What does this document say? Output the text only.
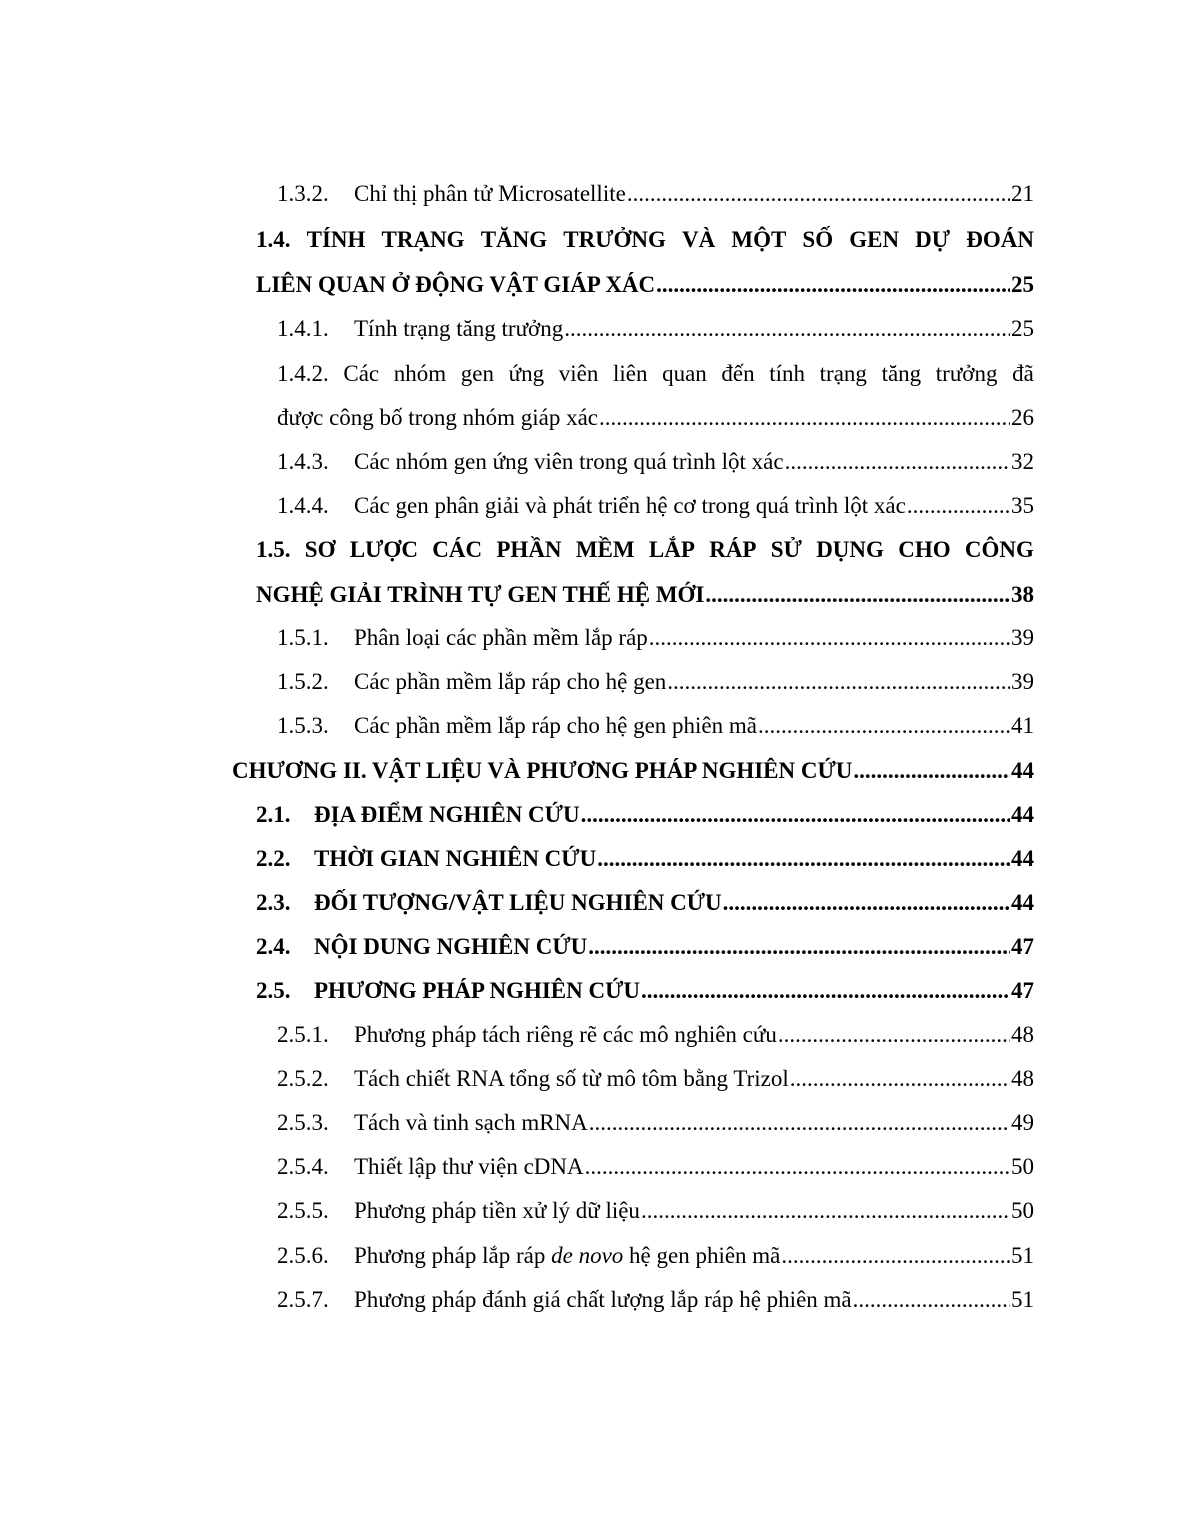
1.3.2.	Chỉ thị phân tử Microsatellite .....	21
1.4. TÍNH TRẠNG TĂNG TRƯỞNG VÀ MỘT SỐ GEN DỰ ĐOÁN
LIÊN QUAN Ở ĐỘNG VẬT GIÁP XÁC .....	25
1.4.1.	Tính trạng tăng trưởng .....	25
1.4.2. Các nhóm gen ứng viên liên quan đến tính trạng tăng trưởng đã
được công bố trong nhóm giáp xác .....	26
1.4.3.	Các nhóm gen ứng viên trong quá trình lột xác .....	32
1.4.4.	Các gen phân giải và phát triển hệ cơ trong quá trình lột xác .....	35
1.5. SƠ LƯỢC CÁC PHẦN MỀM LẮP RÁP SỬ DỤNG CHO CÔNG
NGHỆ GIẢI TRÌNH TỰ GEN THẾ HỆ MỚI .....	38
1.5.1.	Phân loại các phần mềm lắp ráp .....	39
1.5.2.	Các phần mềm lắp ráp cho hệ gen .....	39
1.5.3.	Các phần mềm lắp ráp cho hệ gen phiên mã .....	41
CHƯƠNG II. VẬT LIỆU VÀ PHƯƠNG PHÁP NGHIÊN CỨU .....	44
2.1.	ĐỊA ĐIỂM NGHIÊN CỨU .....	44
2.2.	THỜI GIAN NGHIÊN CỨU .....	44
2.3.	ĐỐI TƯỢNG/VẬT LIỆU NGHIÊN CỨU .....	44
2.4.	NỘI DUNG NGHIÊN CỨU .....	47
2.5.	PHƯƠNG PHÁP NGHIÊN CỨU .....	47
2.5.1.	Phương pháp tách riêng rẽ các mô nghiên cứu .....	48
2.5.2.	Tách chiết RNA tổng số từ mô tôm bằng Trizol .....	48
2.5.3.	Tách và tinh sạch mRNA .....	49
2.5.4.	Thiết lập thư viện cDNA .....	50
2.5.5.	Phương pháp tiền xử lý dữ liệu .....	50
2.5.6.	Phương pháp lắp ráp de novo hệ gen phiên mã .....	51
2.5.7.	Phương pháp đánh giá chất lượng lắp ráp hệ phiên mã .....	51
